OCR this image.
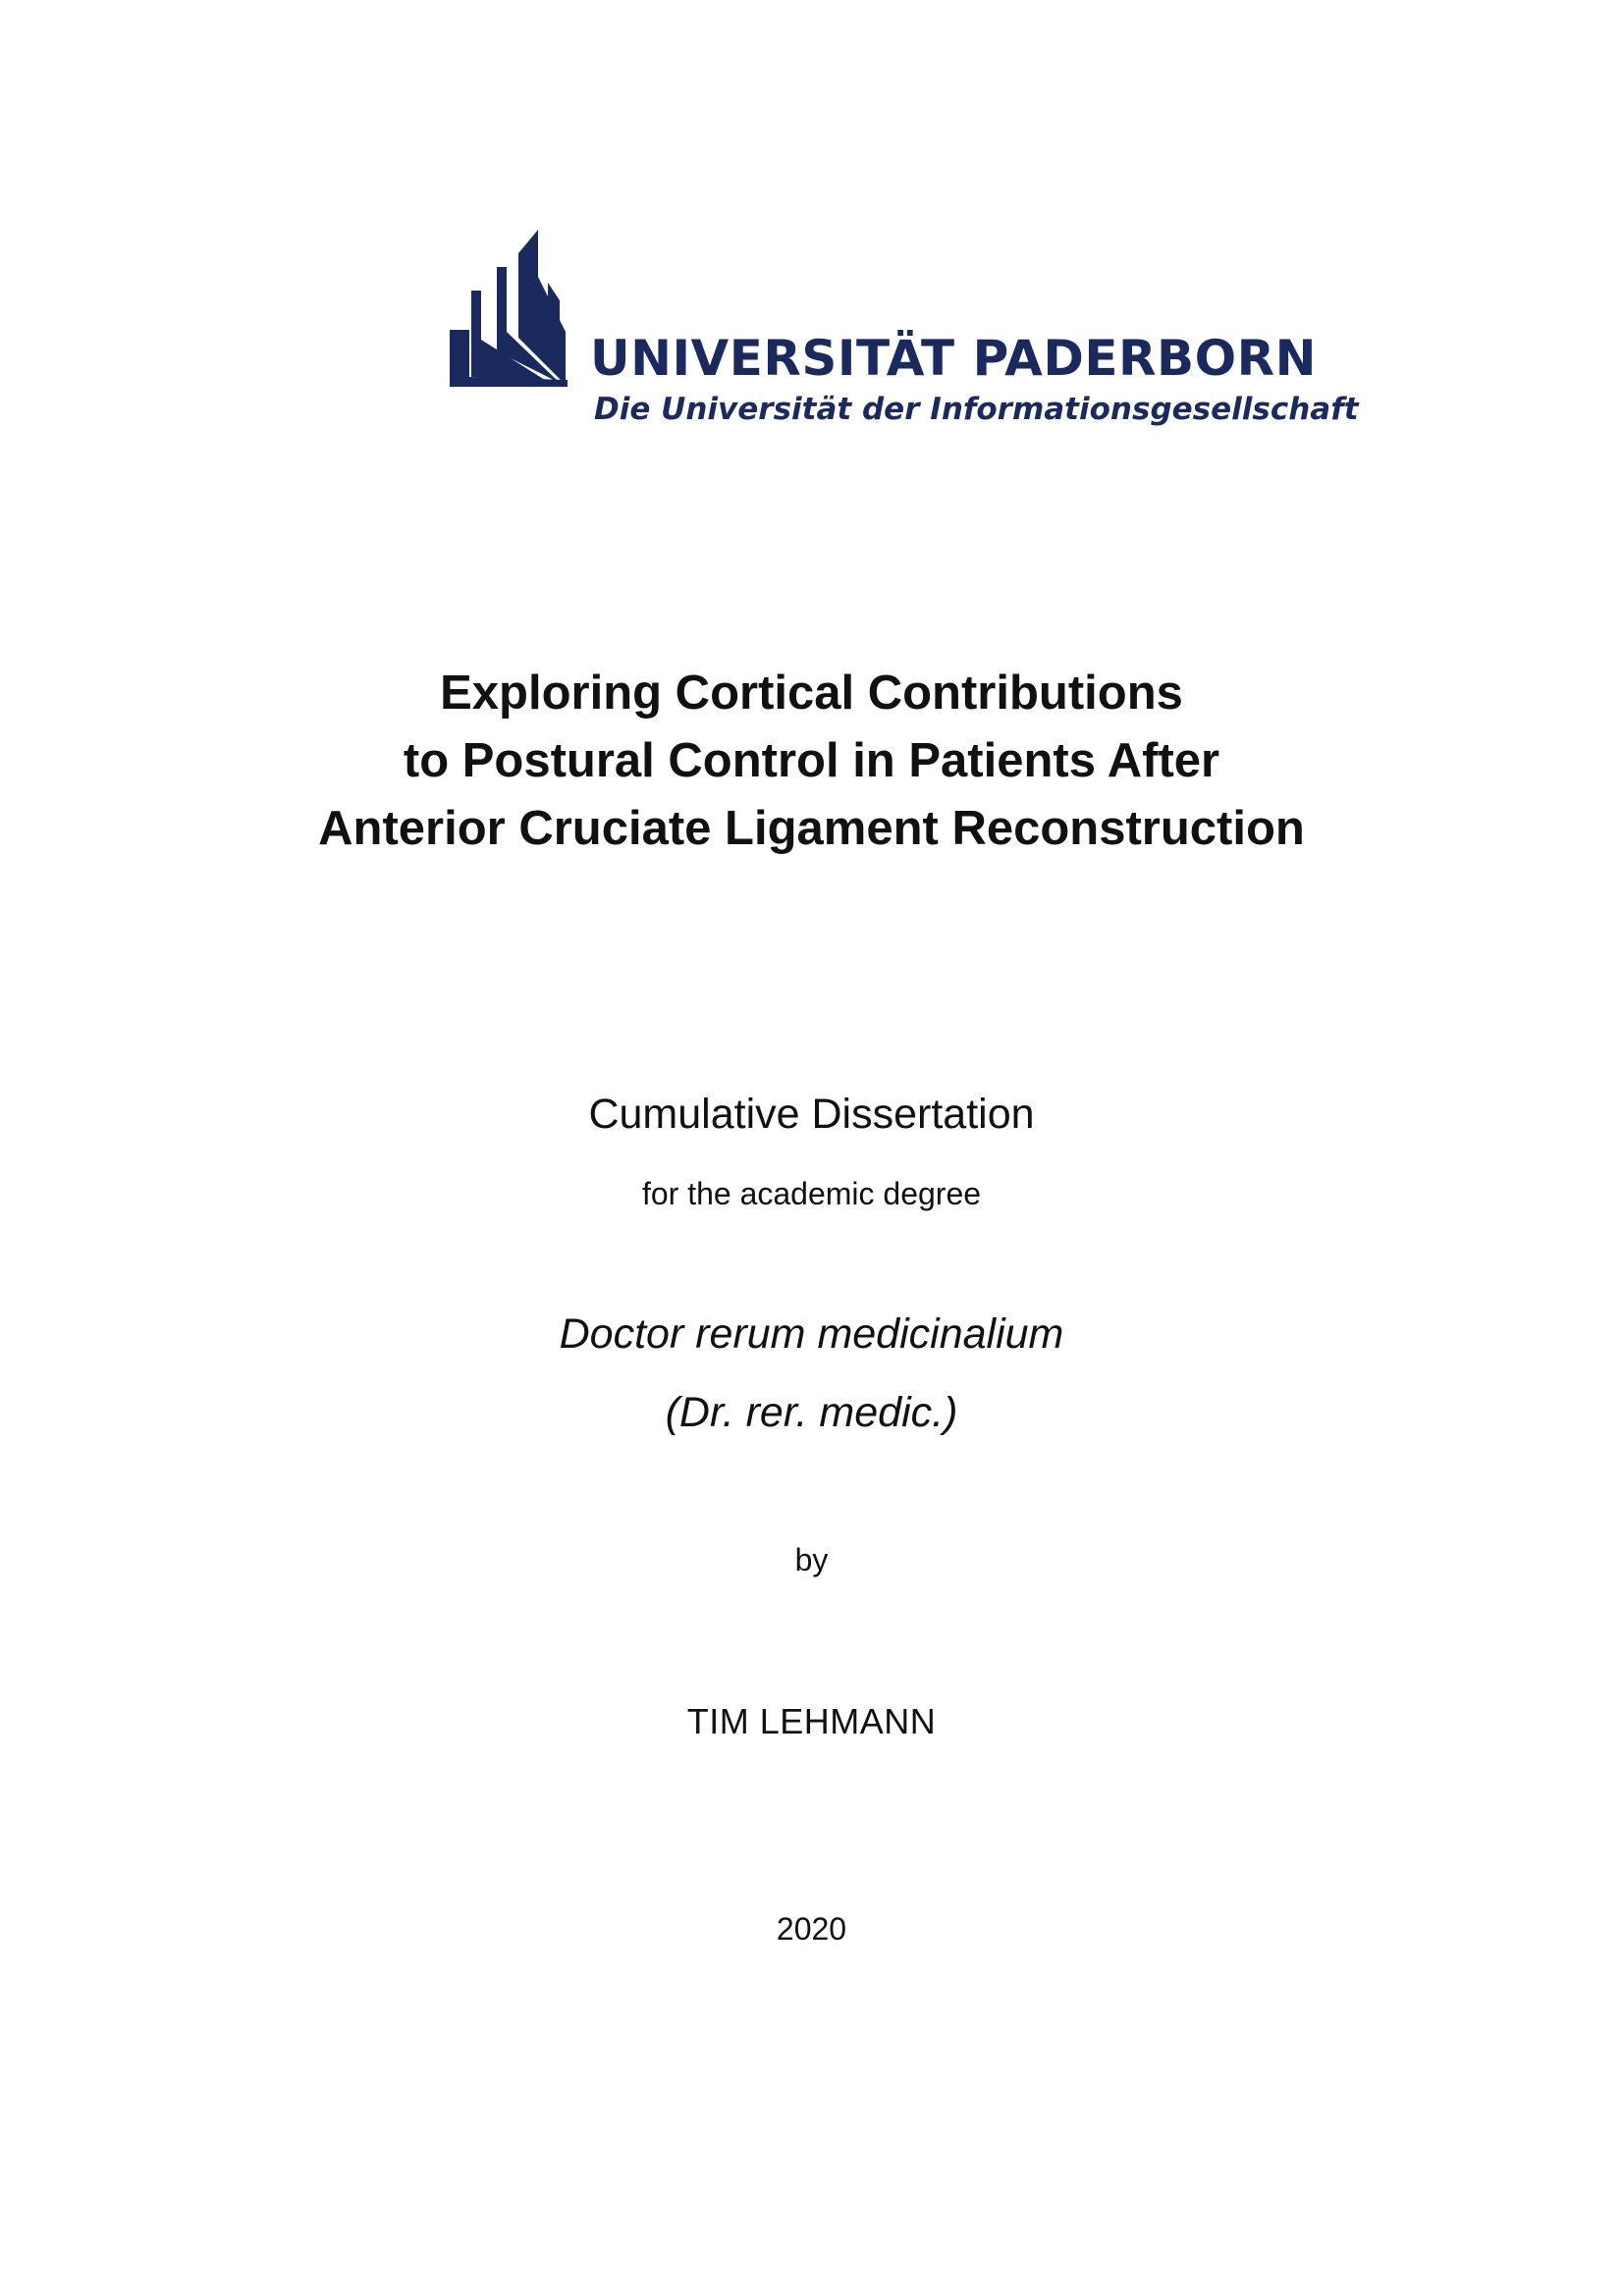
UNIVERSITÄT PADERBORN
Die Universität der Informationsgesellschaft
Exploring Cortical Contributions
to Postural Control in Patients After
Anterior Cruciate Ligament Reconstruction
Cumulative Dissertation
for the academic degree
Doctor rerum medicinalium
(Dr. rer. medic.)
by
TIM LEHMANN
2020
